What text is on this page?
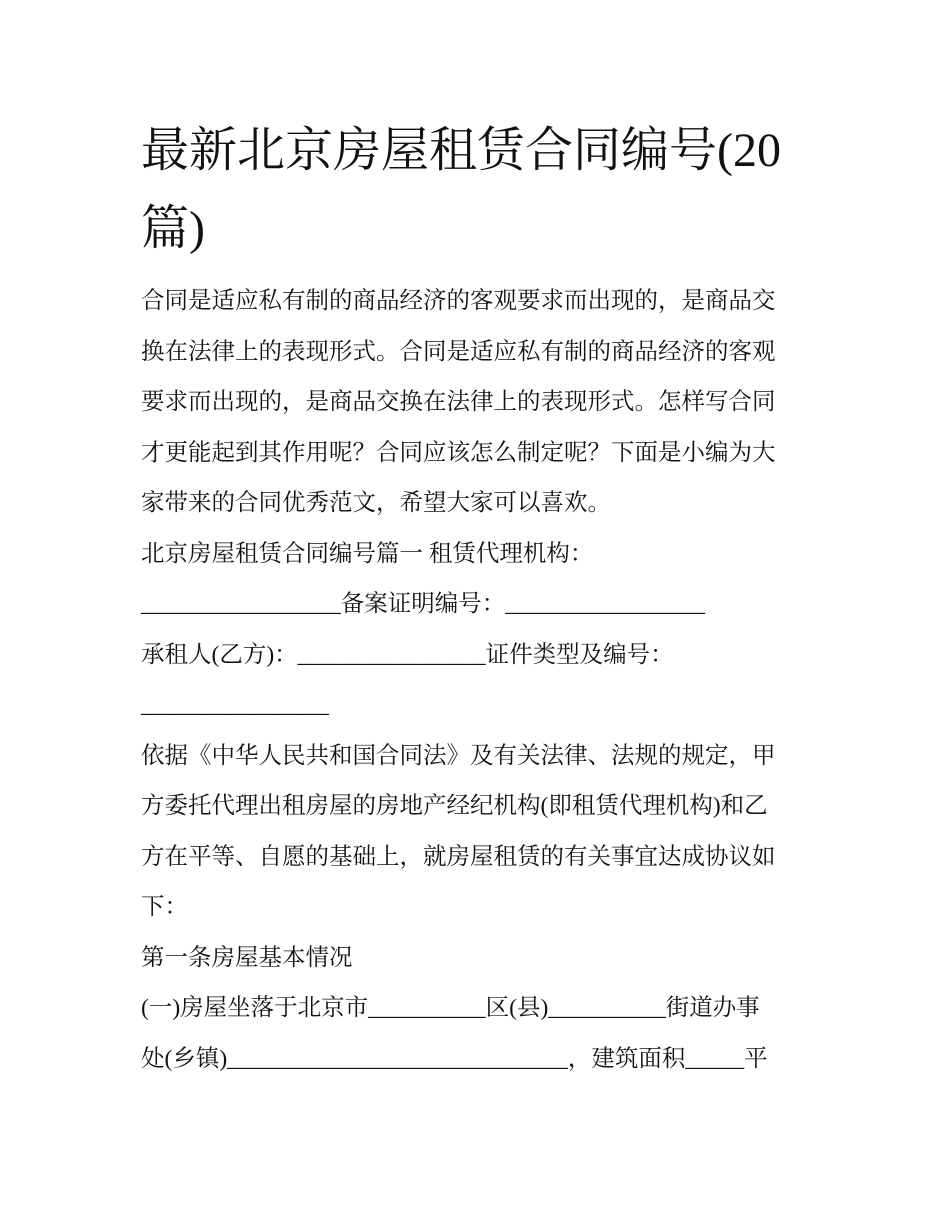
最新北京房屋租赁合同编号(20
篇)
合同是适应私有制的商品经济的客观要求而出现的，是商品交
换在法律上的表现形式。合同是适应私有制的商品经济的客观
要求而出现的，是商品交换在法律上的表现形式。怎样写合同
才更能起到其作用呢？合同应该怎么制定呢？下面是小编为大
家带来的合同优秀范文，希望大家可以喜欢。
北京房屋租赁合同编号篇一 租赁代理机构：
_________________备案证明编号：_________________
承租人(乙方)：________________证件类型及编号：
________________
依据《中华人民共和国合同法》及有关法律、法规的规定，甲
方委托代理出租房屋的房地产经纪机构(即租赁代理机构)和乙
方在平等、自愿的基础上，就房屋租赁的有关事宜达成协议如
下：
第一条房屋基本情况
(一)房屋坐落于北京市__________区(县)__________街道办事
处(乡镇)_____________________________，建筑面积_____平
